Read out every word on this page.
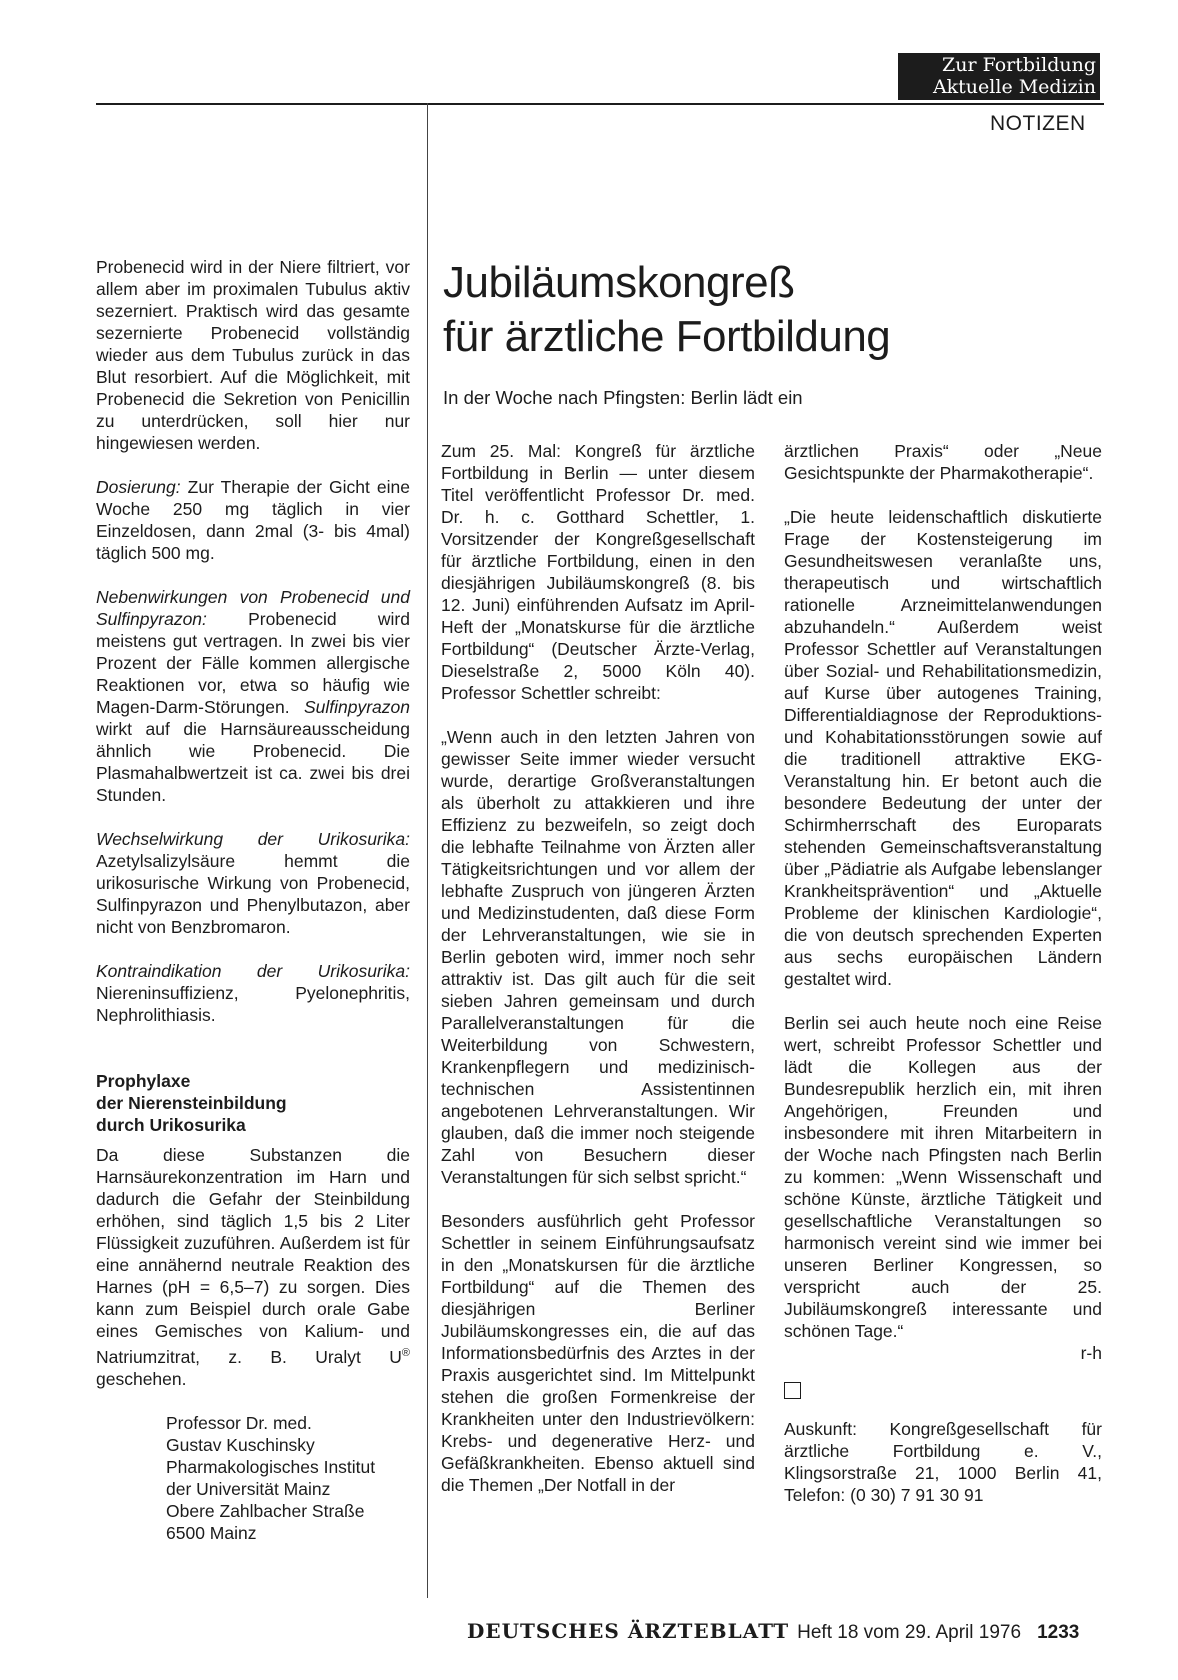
Zur Fortbildung
Aktuelle Medizin
NOTIZEN

Probenecid wird in der Niere filtriert, vor allem aber im proximalen Tubulus aktiv sezerniert. Praktisch wird das gesamte sezernierte Probenecid vollständig wieder aus dem Tubulus zurück in das Blut resorbiert. Auf die Möglichkeit, mit Probenecid die Sekretion von Penicillin zu unterdrücken, soll hier nur hingewiesen werden.

Dosierung: Zur Therapie der Gicht eine Woche 250 mg täglich in vier Einzeldosen, dann 2mal (3- bis 4mal) täglich 500 mg.

Nebenwirkungen von Probenecid und Sulfinpyrazon: Probenecid wird meistens gut vertragen. In zwei bis vier Prozent der Fälle kommen allergische Reaktionen vor, etwa so häufig wie Magen-Darm-Störungen. Sulfinpyrazon wirkt auf die Harnsäureausscheidung ähnlich wie Probenecid. Die Plasmahalbwertzeit ist ca. zwei bis drei Stunden.

Wechselwirkung der Urikosurika: Azetylsalizylsäure hemmt die urikosurische Wirkung von Probenecid, Sulfinpyrazon und Phenylbutazon, aber nicht von Benzbromaron.

Kontraindikation der Urikosurika: Niereninsuffizienz, Pyelonephritis, Nephrolithiasis.

Prophylaxe
der Nierensteinbildung
durch Urikosurika

Da diese Substanzen die Harnsäurekonzentration im Harn und dadurch die Gefahr der Steinbildung erhöhen, sind täglich 1,5 bis 2 Liter Flüssigkeit zuzuführen. Außerdem ist für eine annähernd neutrale Reaktion des Harnes (pH = 6,5–7) zu sorgen. Dies kann zum Beispiel durch orale Gabe eines Gemisches von Kalium- und Natriumzitrat, z. B. Uralyt U® geschehen.

Professor Dr. med.
Gustav Kuschinsky
Pharmakologisches Institut
der Universität Mainz
Obere Zahlbacher Straße
6500 Mainz

Jubiläumskongreß
für ärztliche Fortbildung
In der Woche nach Pfingsten: Berlin lädt ein

Zum 25. Mal: Kongreß für ärztliche Fortbildung in Berlin — unter diesem Titel veröffentlicht Professor Dr. med. Dr. h. c. Gotthard Schettler, 1. Vorsitzender der Kongreßgesellschaft für ärztliche Fortbildung, einen in den diesjährigen Jubiläumskongreß (8. bis 12. Juni) einführenden Aufsatz im April-Heft der „Monatskurse für die ärztliche Fortbildung“ (Deutscher Ärzte-Verlag, Dieselstraße 2, 5000 Köln 40). Professor Schettler schreibt:

„Wenn auch in den letzten Jahren von gewisser Seite immer wieder versucht wurde, derartige Großveranstaltungen als überholt zu attakkieren und ihre Effizienz zu bezweifeln, so zeigt doch die lebhafte Teilnahme von Ärzten aller Tätigkeitsrichtungen und vor allem der lebhafte Zuspruch von jüngeren Ärzten und Medizinstudenten, daß diese Form der Lehrveranstaltungen, wie sie in Berlin geboten wird, immer noch sehr attraktiv ist. Das gilt auch für die seit sieben Jahren gemeinsam und durch Parallelveranstaltungen für die Weiterbildung von Schwestern, Krankenpflegern und medizinisch-technischen Assistentinnen angebotenen Lehrveranstaltungen. Wir glauben, daß die immer noch steigende Zahl von Besuchern dieser Veranstaltungen für sich selbst spricht.“

Besonders ausführlich geht Professor Schettler in seinem Einführungsaufsatz in den „Monatskursen für die ärztliche Fortbildung“ auf die Themen des diesjährigen Berliner Jubiläumskongresses ein, die auf das Informationsbedürfnis des Arztes in der Praxis ausgerichtet sind. Im Mittelpunkt stehen die großen Formenkreise der Krankheiten unter den Industrievölkern: Krebs- und degenerative Herz- und Gefäßkrankheiten. Ebenso aktuell sind die Themen „Der Notfall in der

ärztlichen Praxis“ oder „Neue Gesichtspunkte der Pharmakotherapie“.

„Die heute leidenschaftlich diskutierte Frage der Kostensteigerung im Gesundheitswesen veranlaßte uns, therapeutisch und wirtschaftlich rationelle Arzneimittelanwendungen abzuhandeln.“ Außerdem weist Professor Schettler auf Veranstaltungen über Sozial- und Rehabilitationsmedizin, auf Kurse über autogenes Training, Differentialdiagnose der Reproduktions- und Kohabitationsstörungen sowie auf die traditionell attraktive EKG-Veranstaltung hin. Er betont auch die besondere Bedeutung der unter der Schirmherrschaft des Europarats stehenden Gemeinschaftsveranstaltung über „Pädiatrie als Aufgabe lebenslanger Krankheitsprävention“ und „Aktuelle Probleme der klinischen Kardiologie“, die von deutsch sprechenden Experten aus sechs europäischen Ländern gestaltet wird.

Berlin sei auch heute noch eine Reise wert, schreibt Professor Schettler und lädt die Kollegen aus der Bundesrepublik herzlich ein, mit ihren Angehörigen, Freunden und insbesondere mit ihren Mitarbeitern in der Woche nach Pfingsten nach Berlin zu kommen: „Wenn Wissenschaft und schöne Künste, ärztliche Tätigkeit und gesellschaftliche Veranstaltungen so harmonisch vereint sind wie immer bei unseren Berliner Kongressen, so verspricht auch der 25. Jubiläumskongreß interessante und schönen Tage.“

r-h

Auskunft: Kongreßgesellschaft für ärztliche Fortbildung e. V., Klingsorstraße 21, 1000 Berlin 41, Telefon: (0 30) 7 91 30 91

DEUTSCHES ÄRZTEBLATT Heft 18 vom 29. April 1976 1233
